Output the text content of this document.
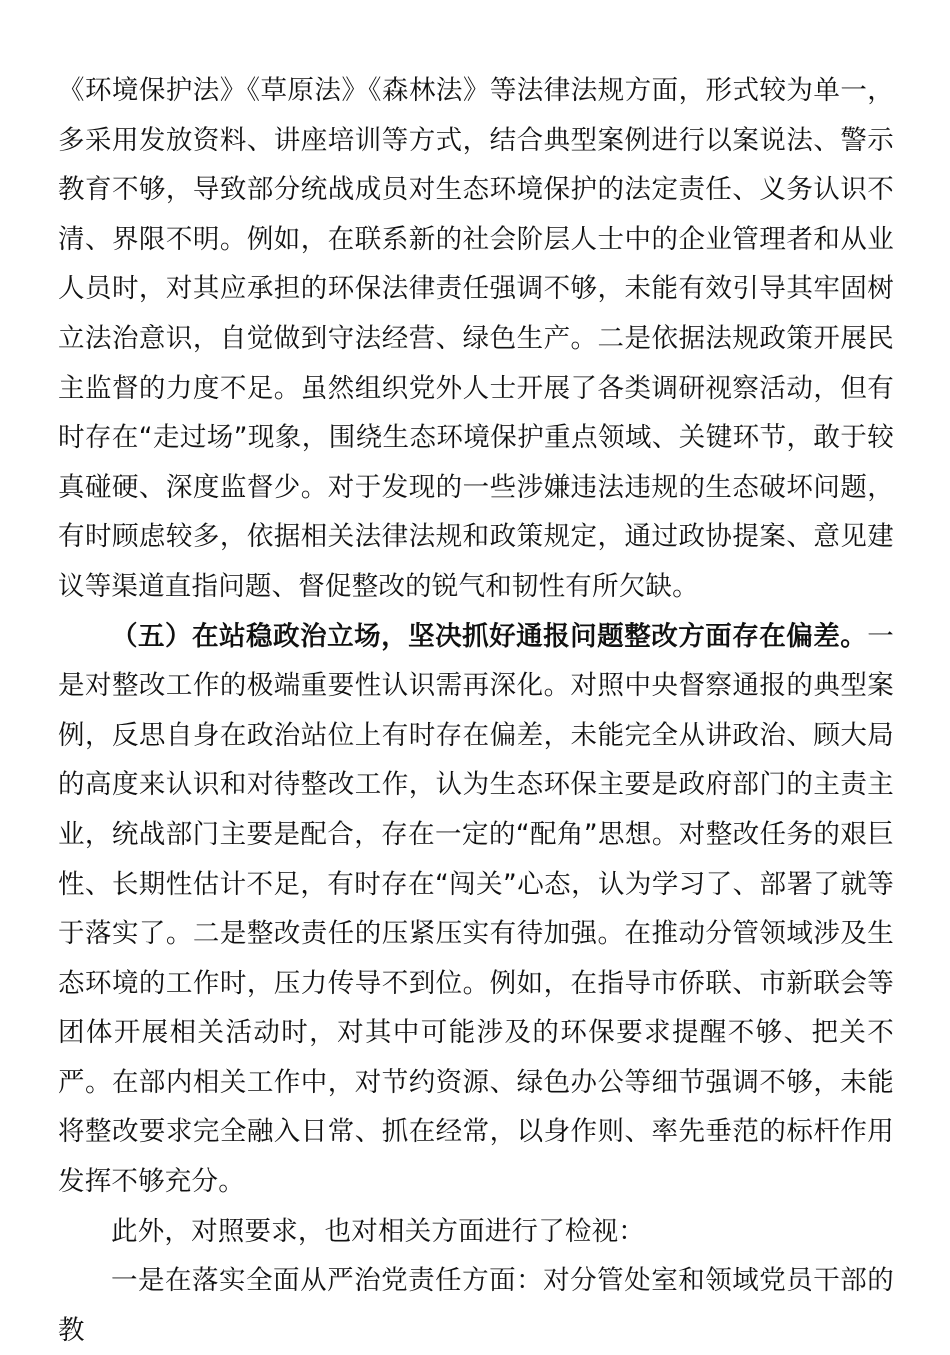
《环境保护法》《草原法》《森林法》等法律法规方面，形式较为单一，多采用发放资料、讲座培训等方式，结合典型案例进行以案说法、警示教育不够，导致部分统战成员对生态环境保护的法定责任、义务认识不清、界限不明。例如，在联系新的社会阶层人士中的企业管理者和从业人员时，对其应承担的环保法律责任强调不够，未能有效引导其牢固树立法治意识，自觉做到守法经营、绿色生产。二是依据法规政策开展民主监督的力度不足。虽然组织党外人士开展了各类调研视察活动，但有时存在“走过场”现象，围绕生态环境保护重点领域、关键环节，敢于较真碰硬、深度监督少。对于发现的一些涉嫌违法违规的生态破坏问题，有时顾虑较多，依据相关法律法规和政策规定，通过政协提案、意见建议等渠道直指问题、督促整改的锐气和韧性有所欠缺。

（五）在站稳政治立场，坚决抓好通报问题整改方面存在偏差。一是对整改工作的极端重要性认识需再深化。对照中央督察通报的典型案例，反思自身在政治站位上有时存在偏差，未能完全从讲政治、顾大局的高度来认识和对待整改工作，认为生态环保主要是政府部门的主责主业，统战部门主要是配合，存在一定的“配角”思想。对整改任务的艰巨性、长期性估计不足，有时存在“闯关”心态，认为学习了、部署了就等于落实了。二是整改责任的压紧压实有待加强。在推动分管领域涉及生态环境的工作时，压力传导不到位。例如，在指导市侨联、市新联会等团体开展相关活动时，对其中可能涉及的环保要求提醒不够、把关不严。在部内相关工作中，对节约资源、绿色办公等细节强调不够，未能将整改要求完全融入日常、抓在经常，以身作则、率先垂范的标杆作用发挥不够充分。

此外，对照要求，也对相关方面进行了检视：

一是在落实全面从严治党责任方面：对分管处室和领域党员干部的教
